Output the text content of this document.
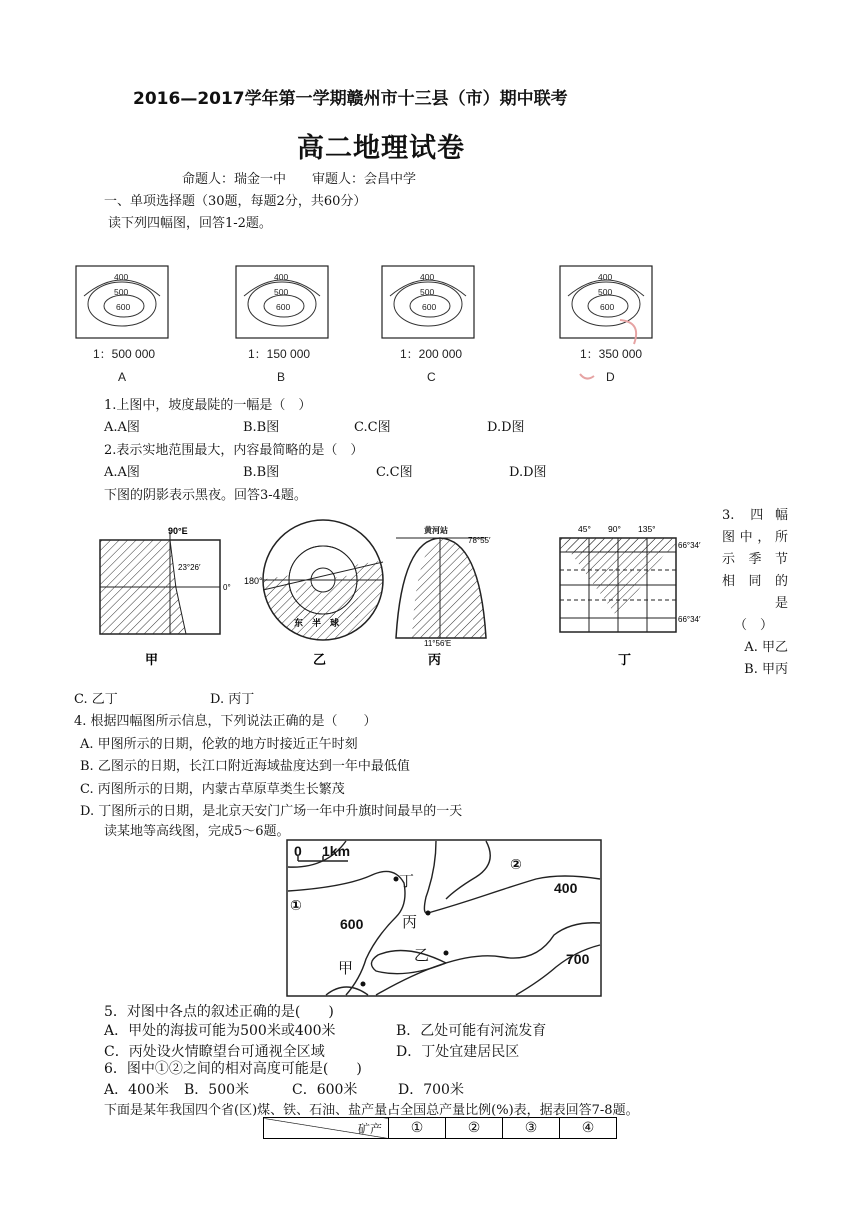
2016—2017学年第一学期赣州市十三县（市）期中联考
高二地理试卷
命题人：瑞金一中　　审题人：会昌中学
一、单项选择题（30题，每题2分，共60分）
读下列四幅图，回答1-2题。
400
500
600
400
500
600
400
500
600
400
500
600
1：500 000	1：150 000	1：200 000	1：350 000
A	B	C	D
1.上图中，坡度最陡的一幅是（　）
A.A图	B.B图	C.C图	D.D图
2.表示实地范围最大，内容最简略的是（　）
A.A图	B.B图	C.C图	D.D图
下图的阴影表示黑夜。回答3-4题。
90°E
23°26′
0°
甲
180°
东　半　球
乙
黄河站
78°55′
11°56′E
丙
45° 90° 135°
66°34′
66°34′
丁
3. 四幅
图中，所
示 季 节
相 同 的
是
（　）
A. 甲乙
B. 甲丙
C. 乙丁	D. 丙丁
4. 根据四幅图所示信息，下列说法正确的是（　　）
A. 甲图所示的日期，伦敦的地方时接近正午时刻
B. 乙图示的日期，长江口附近海域盐度达到一年中最低值
C. 丙图所示的日期，内蒙古草原草类生长繁茂
D. 丁图所示的日期，是北京天安门广场一年中升旗时间最早的一天
读某地等高线图，完成5～6题。
0 1km
①
②
400
600
700
丁
丙
乙
甲
5．对图中各点的叙述正确的是(　　)
A．甲处的海拔可能为500米或400米	B．乙处可能有河流发育
C．丙处设火情瞭望台可通视全区域	D．丁处宜建居民区
6．图中①②之间的相对高度可能是(　　)
A．400米 B．500米	C．600米	D．700米
下面是某年我国四个省(区)煤、铁、石油、盐产量占全国总产量比例(%)表，据表回答7-8题。
矿产	①	②	③	④
